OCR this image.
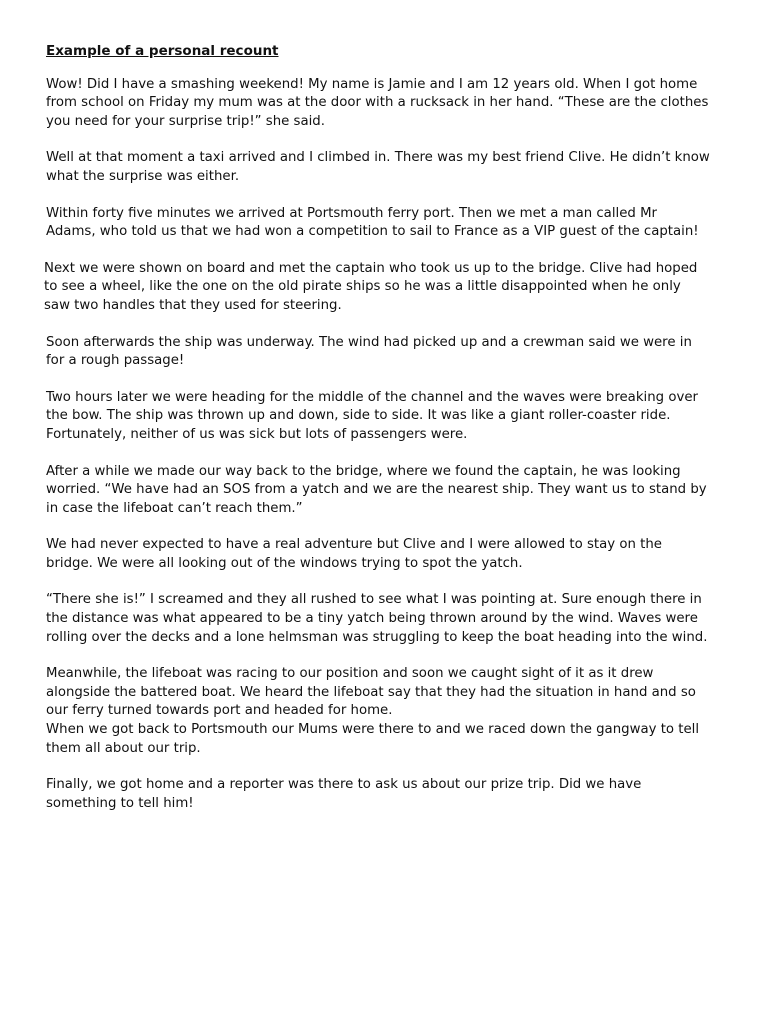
Example of a personal recount

Wow! Did I have a smashing weekend! My name is Jamie and I am 12 years old. When I got home from school on Friday my mum was at the door with a rucksack in her hand. “These are the clothes you need for your surprise trip!” she said.

Well at that moment a taxi arrived and I climbed in. There was my best friend Clive. He didn’t know what the surprise was either.

Within forty five minutes we arrived at Portsmouth ferry port. Then we met a man called Mr Adams, who told us that we had won a competition to sail to France as a VIP guest of the captain!

Next we were shown on board and met the captain who took us up to the bridge. Clive had hoped to see a wheel, like the one on the old pirate ships so he was a little disappointed when he only saw two handles that they used for steering.

Soon afterwards the ship was underway. The wind had picked up and a crewman said we were in for a rough passage!

Two hours later we were heading for the middle of the channel and the waves were breaking over the bow. The ship was thrown up and down, side to side. It was like a giant roller-coaster ride. Fortunately, neither of us was sick but lots of passengers were.

After a while we made our way back to the bridge, where we found the captain, he was looking worried. “We have had an SOS from a yatch and we are the nearest ship. They want us to stand by in case the lifeboat can’t reach them.”

We had never expected to have a real adventure but Clive and I were allowed to stay on the bridge. We were all looking out of the windows trying to spot the yatch.

“There she is!” I screamed and they all rushed to see what I was pointing at. Sure enough there in the distance was what appeared to be a tiny yatch being thrown around by the wind. Waves were rolling over the decks and a lone helmsman was struggling to keep the boat heading into the wind.

Meanwhile, the lifeboat was racing to our position and soon we caught sight of it as it drew alongside the battered boat. We heard the lifeboat say that they had the situation in hand and so our ferry turned towards port and headed for home.

When we got back to Portsmouth our Mums were there to and we raced down the gangway to tell them all about our trip.

Finally, we got home and a reporter was there to ask us about our prize trip. Did we have something to tell him!
